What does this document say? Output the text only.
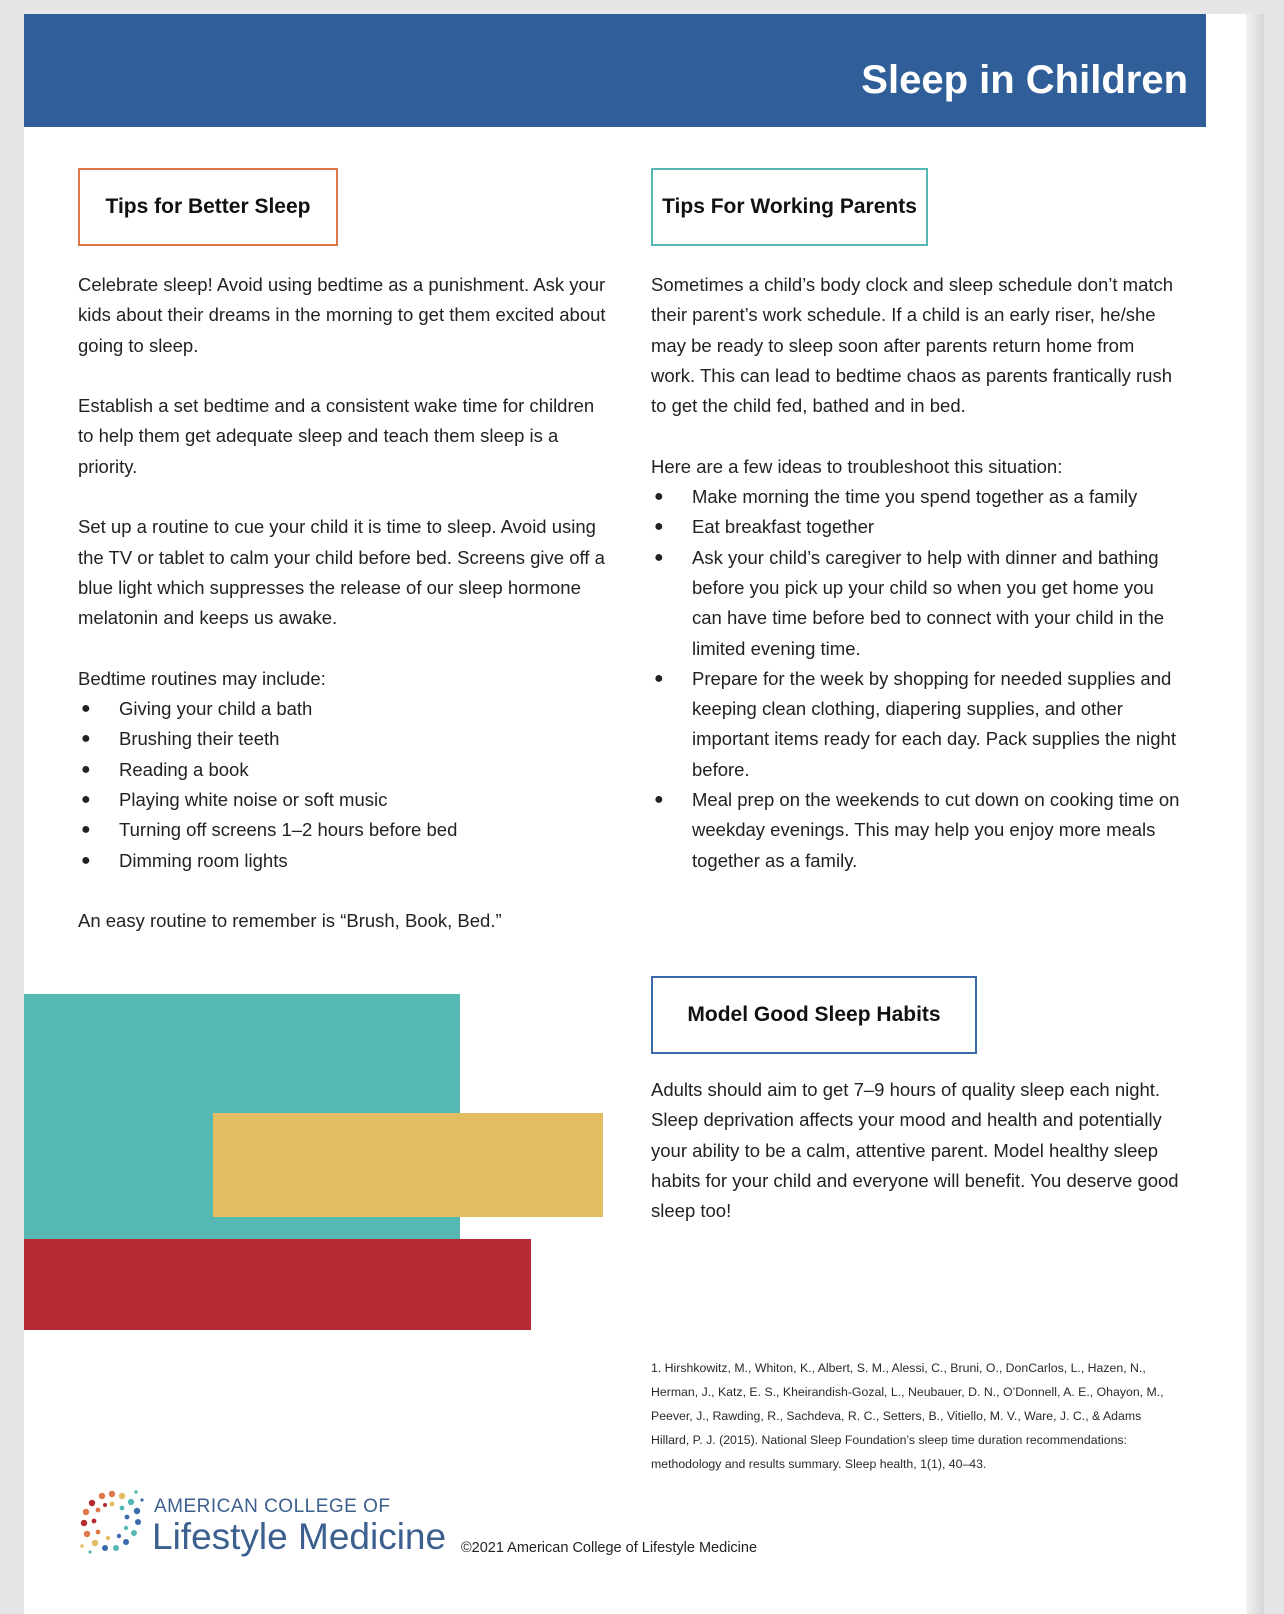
Sleep in Children
Tips for Better Sleep	Tips For Working Parents

Celebrate sleep! Avoid using bedtime as a punishment. Ask your kids about their dreams in the morning to get them excited about going to sleep.

Establish a set bedtime and a consistent wake time for children to help them get adequate sleep and teach them sleep is a priority.

Set up a routine to cue your child it is time to sleep. Avoid using the TV or tablet to calm your child before bed. Screens give off a blue light which suppresses the release of our sleep hormone melatonin and keeps us awake.

Bedtime routines may include:
● Giving your child a bath
● Brushing their teeth
● Reading a book
● Playing white noise or soft music
● Turning off screens 1–2 hours before bed
● Dimming room lights

An easy routine to remember is “Brush, Book, Bed.”

Sometimes a child’s body clock and sleep schedule don’t match their parent’s work schedule. If a child is an early riser, he/she may be ready to sleep soon after parents return home from work. This can lead to bedtime chaos as parents frantically rush to get the child fed, bathed and in bed.

Here are a few ideas to troubleshoot this situation:
● Make morning the time you spend together as a family
● Eat breakfast together
● Ask your child’s caregiver to help with dinner and bathing before you pick up your child so when you get home you can have time before bed to connect with your child in the limited evening time.
● Prepare for the week by shopping for needed supplies and keeping clean clothing, diapering supplies, and other important items ready for each day. Pack supplies the night before.
● Meal prep on the weekends to cut down on cooking time on weekday evenings. This may help you enjoy more meals together as a family.
Model Good Sleep Habits

Adults should aim to get 7–9 hours of quality sleep each night. Sleep deprivation affects your mood and health and potentially your ability to be a calm, attentive parent. Model healthy sleep habits for your child and everyone will benefit. You deserve good sleep too!

1. Hirshkowitz, M., Whiton, K., Albert, S. M., Alessi, C., Bruni, O., DonCarlos, L., Hazen, N., Herman, J., Katz, E. S., Kheirandish-Gozal, L., Neubauer, D. N., O’Donnell, A. E., Ohayon, M., Peever, J., Rawding, R., Sachdeva, R. C., Setters, B., Vitiello, M. V., Ware, J. C., & Adams Hillard, P. J. (2015). National Sleep Foundation’s sleep time duration recommendations: methodology and results summary. Sleep health, 1(1), 40–43.
AMERICAN COLLEGE OF
Lifestyle Medicine ©2021 American College of Lifestyle Medicine
